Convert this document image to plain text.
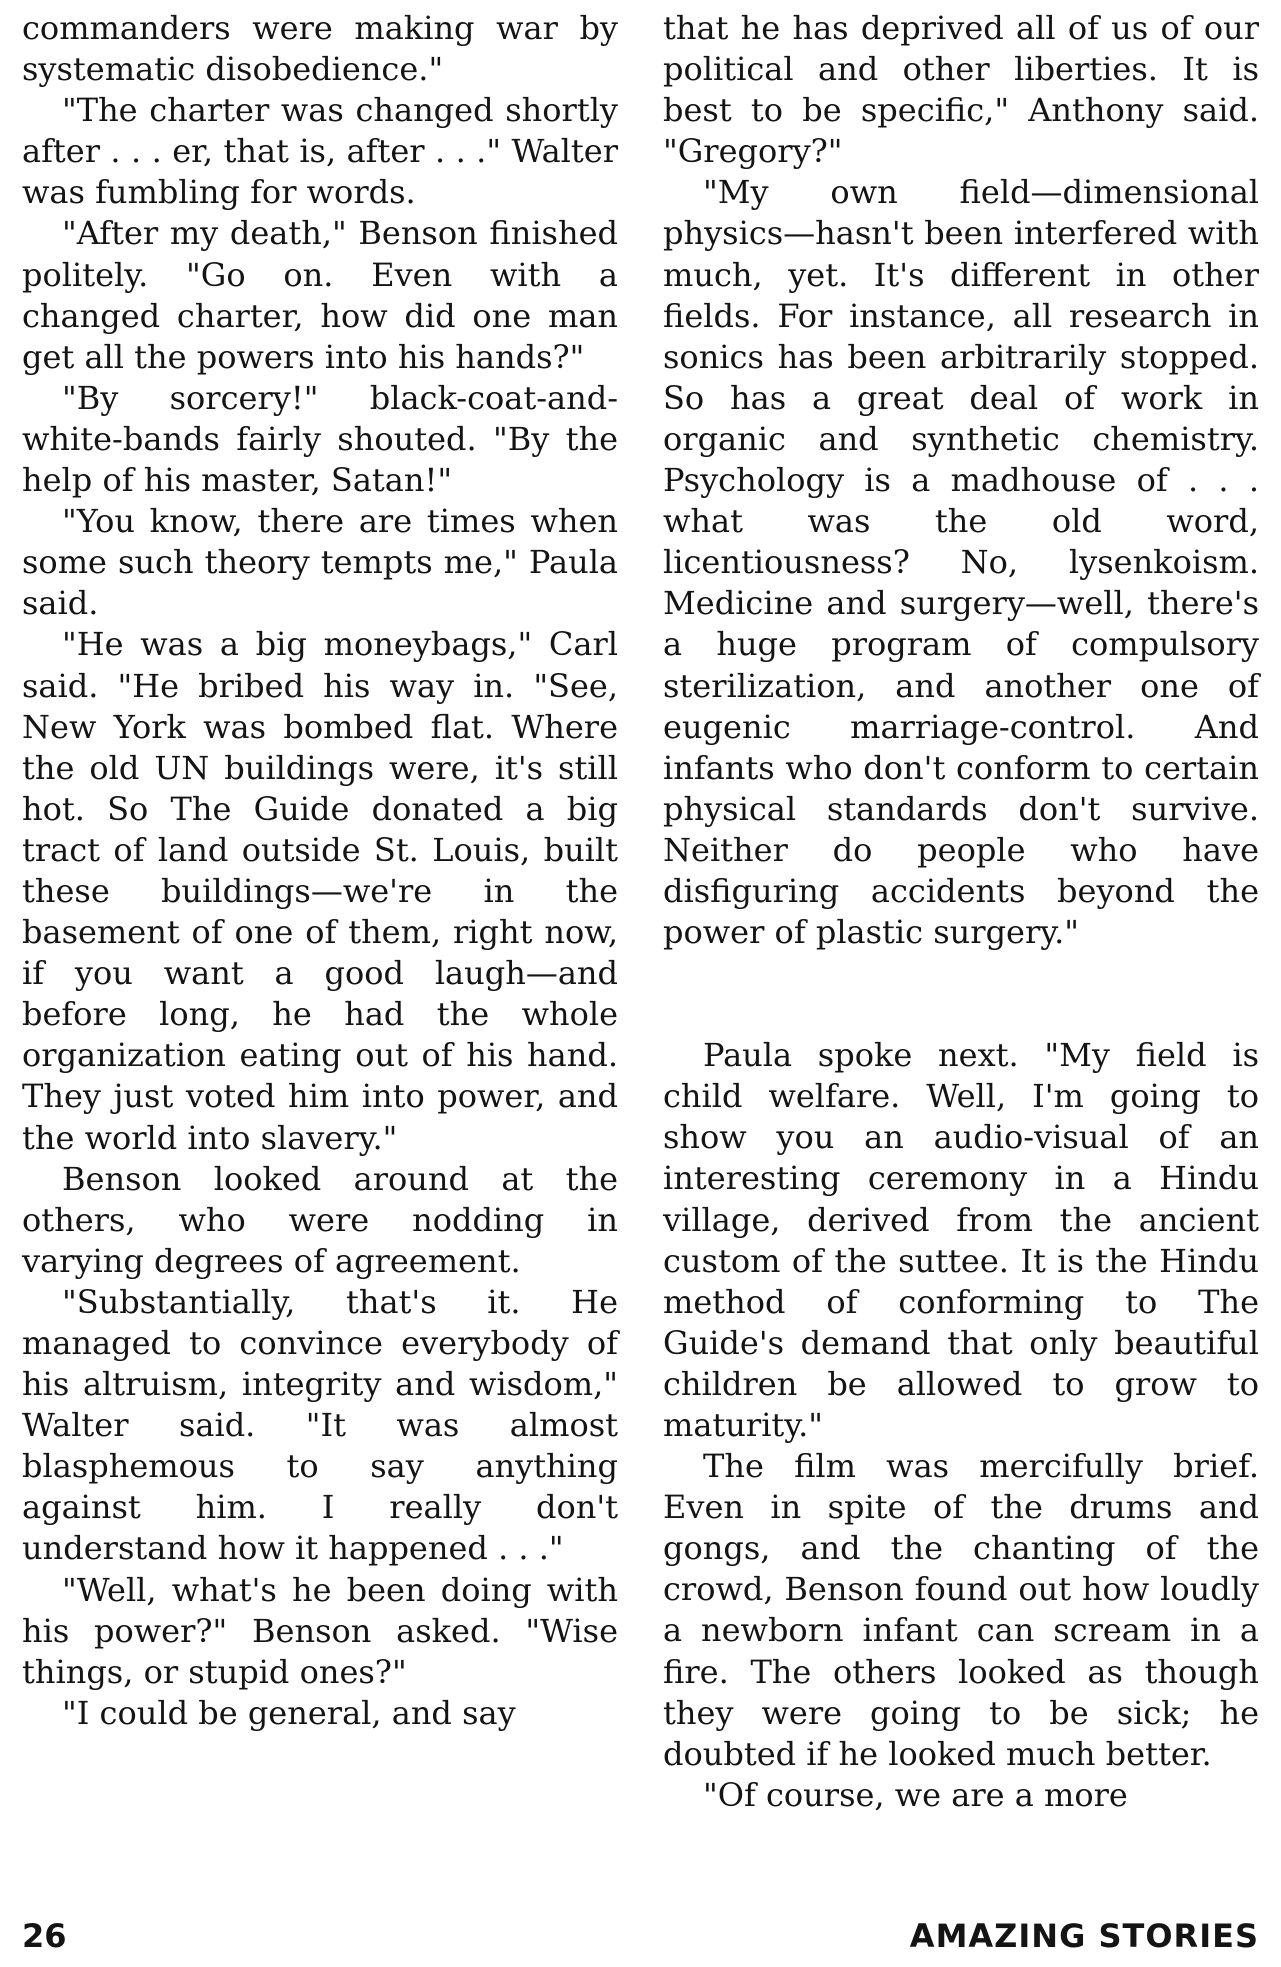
commanders were making war by systematic disobedience."

"The charter was changed shortly after . . . er, that is, after . . ." Walter was fumbling for words.

"After my death," Benson finished politely. "Go on. Even with a changed charter, how did one man get all the powers into his hands?"

"By sorcery!" black-coat-and-white-bands fairly shouted. "By the help of his master, Satan!"

"You know, there are times when some such theory tempts me," Paula said.

"He was a big moneybags," Carl said. "He bribed his way in. "See, New York was bombed flat. Where the old UN buildings were, it's still hot. So The Guide donated a big tract of land outside St. Louis, built these buildings—we're in the basement of one of them, right now, if you want a good laugh—and before long, he had the whole organization eating out of his hand. They just voted him into power, and the world into slavery."

Benson looked around at the others, who were nodding in varying degrees of agreement.

"Substantially, that's it. He managed to convince everybody of his altruism, integrity and wisdom," Walter said. "It was almost blasphemous to say anything against him. I really don't understand how it happened . . ."

"Well, what's he been doing with his power?" Benson asked. "Wise things, or stupid ones?"

"I could be general, and say

that he has deprived all of us of our political and other liberties. It is best to be specific," Anthony said. "Gregory?"

"My own field—dimensional physics—hasn't been interfered with much, yet. It's different in other fields. For instance, all research in sonics has been arbitrarily stopped. So has a great deal of work in organic and synthetic chemistry. Psychology is a madhouse of . . . what was the old word, licentiousness? No, lysenkoism. Medicine and surgery—well, there's a huge program of compulsory sterilization, and another one of eugenic marriage-control. And infants who don't conform to certain physical standards don't survive. Neither do people who have disfiguring accidents beyond the power of plastic surgery."

Paula spoke next. "My field is child welfare. Well, I'm going to show you an audio-visual of an interesting ceremony in a Hindu village, derived from the ancient custom of the suttee. It is the Hindu method of conforming to The Guide's demand that only beautiful children be allowed to grow to maturity."

The film was mercifully brief. Even in spite of the drums and gongs, and the chanting of the crowd, Benson found out how loudly a newborn infant can scream in a fire. The others looked as though they were going to be sick; he doubted if he looked much better.

"Of course, we are a more

26	AMAZING STORIES
